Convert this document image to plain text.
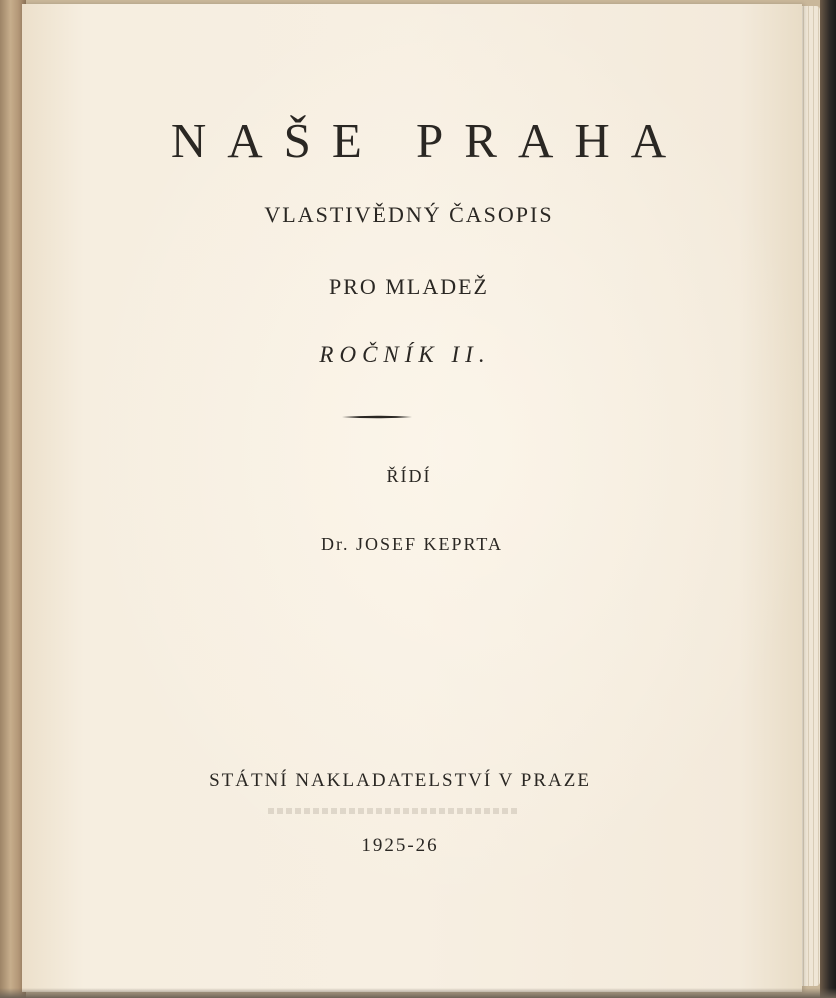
NAŠE PRAHA
VLASTIVĚDNÝ ČASOPIS
PRO MLADEŽ
ROČNÍK II.
ŘÍDÍ
Dr. JOSEF KEPRTA
STÁTNÍ NAKLADATELSTVÍ V PRAZE
1925-26
